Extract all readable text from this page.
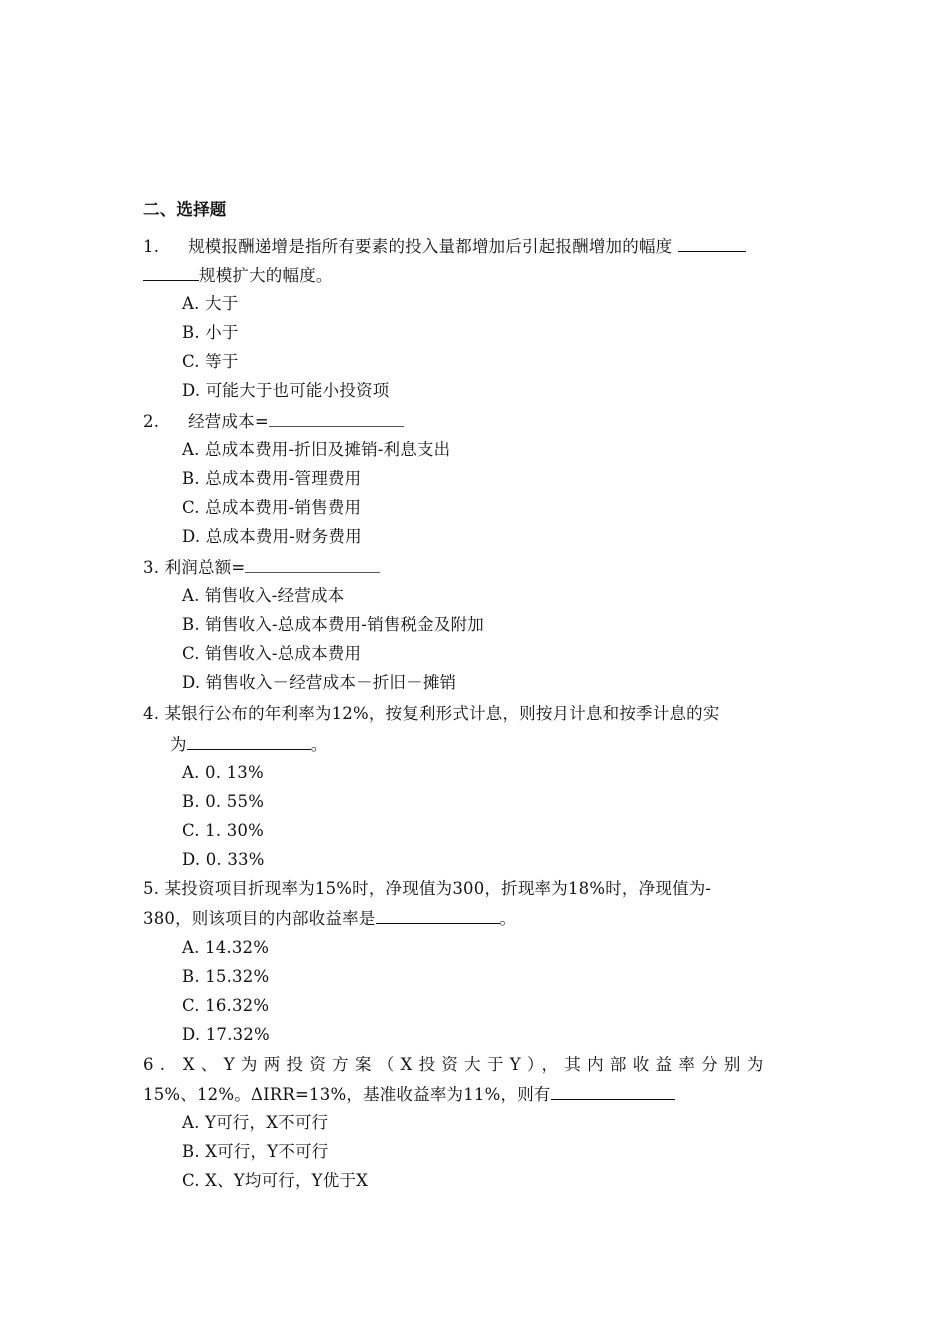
二、选择题
1. 规模报酬递增是指所有要素的投入量都增加后引起报酬增加的幅度
规模扩大的幅度。
A. 大于
B. 小于
C. 等于
D. 可能大于也可能小投资项
2. 经营成本=
A. 总成本费用-折旧及摊销-利息支出
B. 总成本费用-管理费用
C. 总成本费用-销售费用
D. 总成本费用-财务费用
3. 利润总额=
A. 销售收入-经营成本
B. 销售收入-总成本费用-销售税金及附加
C. 销售收入-总成本费用
D. 销售收入－经营成本－折旧－摊销
4. 某银行公布的年利率为12%，按复利形式计息，则按月计息和按季计息的实
为	。
A. 0. 13%
B. 0. 55%
C. 1. 30%
D. 0. 33%
5. 某投资项目折现率为15%时，净现值为300，折现率为18%时，净现值为-
380，则该项目的内部收益率是	。
A. 14.32%
B. 15.32%
C. 16.32%
D. 17.32%
6. X、Y为两投资方案（X投资大于Y），其内部收益率分别为
15%、12%。ΔIRR=13%，基准收益率为11%，则有
A. Y可行，X不可行
B. X可行，Y不可行
C. X、Y均可行，Y优于X
